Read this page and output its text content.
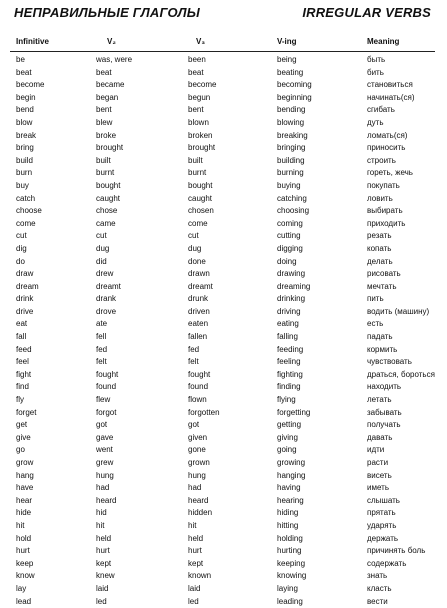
НЕПРАВИЛЬНЫЕ ГЛАГОЛЫ	IRREGULAR VERBS
Infinitive	V₂	V₃	V-ing	Meaning
be	was, were	been	being	быть
beat	beat	beat	beating	бить
become	became	become	becoming	становиться
begin	began	begun	beginning	начинать(ся)
bend	bent	bent	bending	сгибать
blow	blew	blown	blowing	дуть
break	broke	broken	breaking	ломать(ся)
bring	brought	brought	bringing	приносить
build	built	built	building	строить
burn	burnt	burnt	burning	гореть, жечь
buy	bought	bought	buying	покупать
catch	caught	caught	catching	ловить
choose	chose	chosen	choosing	выбирать
come	came	come	coming	приходить
cut	cut	cut	cutting	резать
dig	dug	dug	digging	копать
do	did	done	doing	делать
draw	drew	drawn	drawing	рисовать
dream	dreamt	dreamt	dreaming	мечтать
drink	drank	drunk	drinking	пить
drive	drove	driven	driving	водить (машину)
eat	ate	eaten	eating	есть
fall	fell	fallen	falling	падать
feed	fed	fed	feeding	кормить
feel	felt	felt	feeling	чувствовать
fight	fought	fought	fighting	драться, бороться
find	found	found	finding	находить
fly	flew	flown	flying	летать
forget	forgot	forgotten	forgetting	забывать
get	got	got	getting	получать
give	gave	given	giving	давать
go	went	gone	going	идти
grow	grew	grown	growing	расти
hang	hung	hung	hanging	висеть
have	had	had	having	иметь
hear	heard	heard	hearing	слышать
hide	hid	hidden	hiding	прятать
hit	hit	hit	hitting	ударять
hold	held	held	holding	держать
hurt	hurt	hurt	hurting	причинять боль
keep	kept	kept	keeping	содержать
know	knew	known	knowing	знать
lay	laid	laid	laying	класть
lead	led	led	leading	вести
